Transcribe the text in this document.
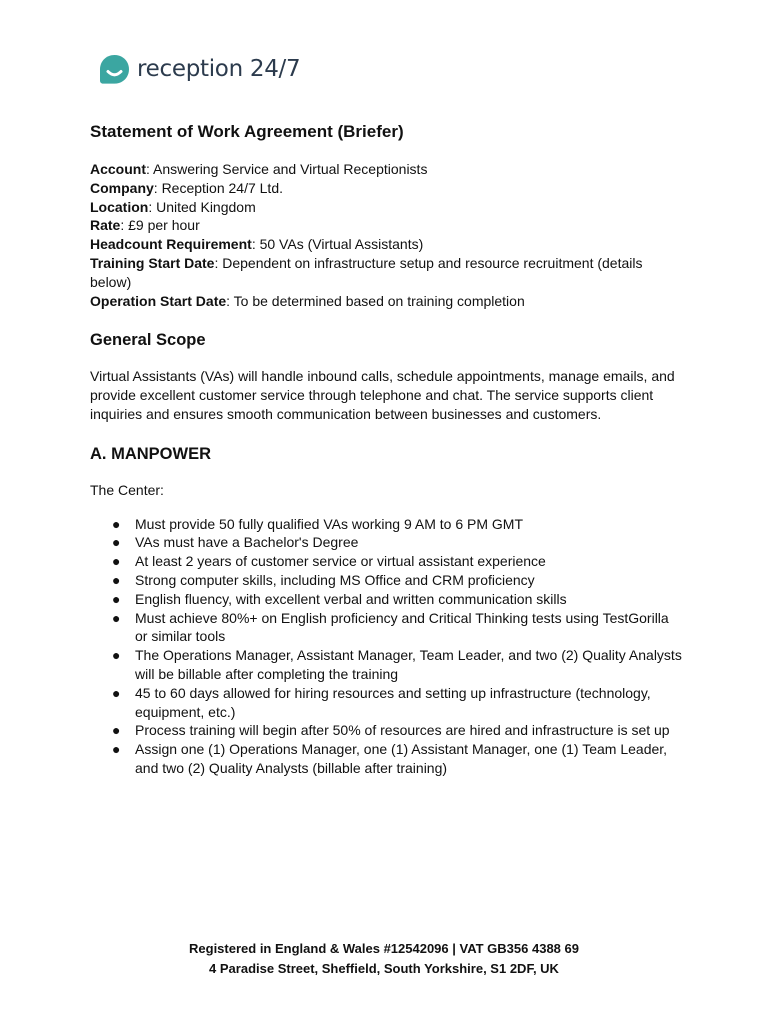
reception 24/7
Statement of Work Agreement (Briefer)

Account: Answering Service and Virtual Receptionists

Company: Reception 24/7 Ltd.

Location: United Kingdom

Rate: £9 per hour

Headcount Requirement: 50 VAs (Virtual Assistants)

Training Start Date: Dependent on infrastructure setup and resource recruitment (details below)

Operation Start Date: To be determined based on training completion

General Scope

Virtual Assistants (VAs) will handle inbound calls, schedule appointments, manage emails, and provide excellent customer service through telephone and chat. The service supports client inquiries and ensures smooth communication between businesses and customers.

A. MANPOWER

The Center:

● Must provide 50 fully qualified VAs working 9 AM to 6 PM GMT
● VAs must have a Bachelor's Degree
● At least 2 years of customer service or virtual assistant experience
● Strong computer skills, including MS Office and CRM proficiency
● English fluency, with excellent verbal and written communication skills
● Must achieve 80%+ on English proficiency and Critical Thinking tests using TestGorilla or similar tools
● The Operations Manager, Assistant Manager, Team Leader, and two (2) Quality Analysts will be billable after completing the training
● 45 to 60 days allowed for hiring resources and setting up infrastructure (technology, equipment, etc.)
● Process training will begin after 50% of resources are hired and infrastructure is set up
● Assign one (1) Operations Manager, one (1) Assistant Manager, one (1) Team Leader, and two (2) Quality Analysts (billable after training)
Registered in England & Wales #12542096 | VAT GB356 4388 69
4 Paradise Street, Sheffield, South Yorkshire, S1 2DF, UK
